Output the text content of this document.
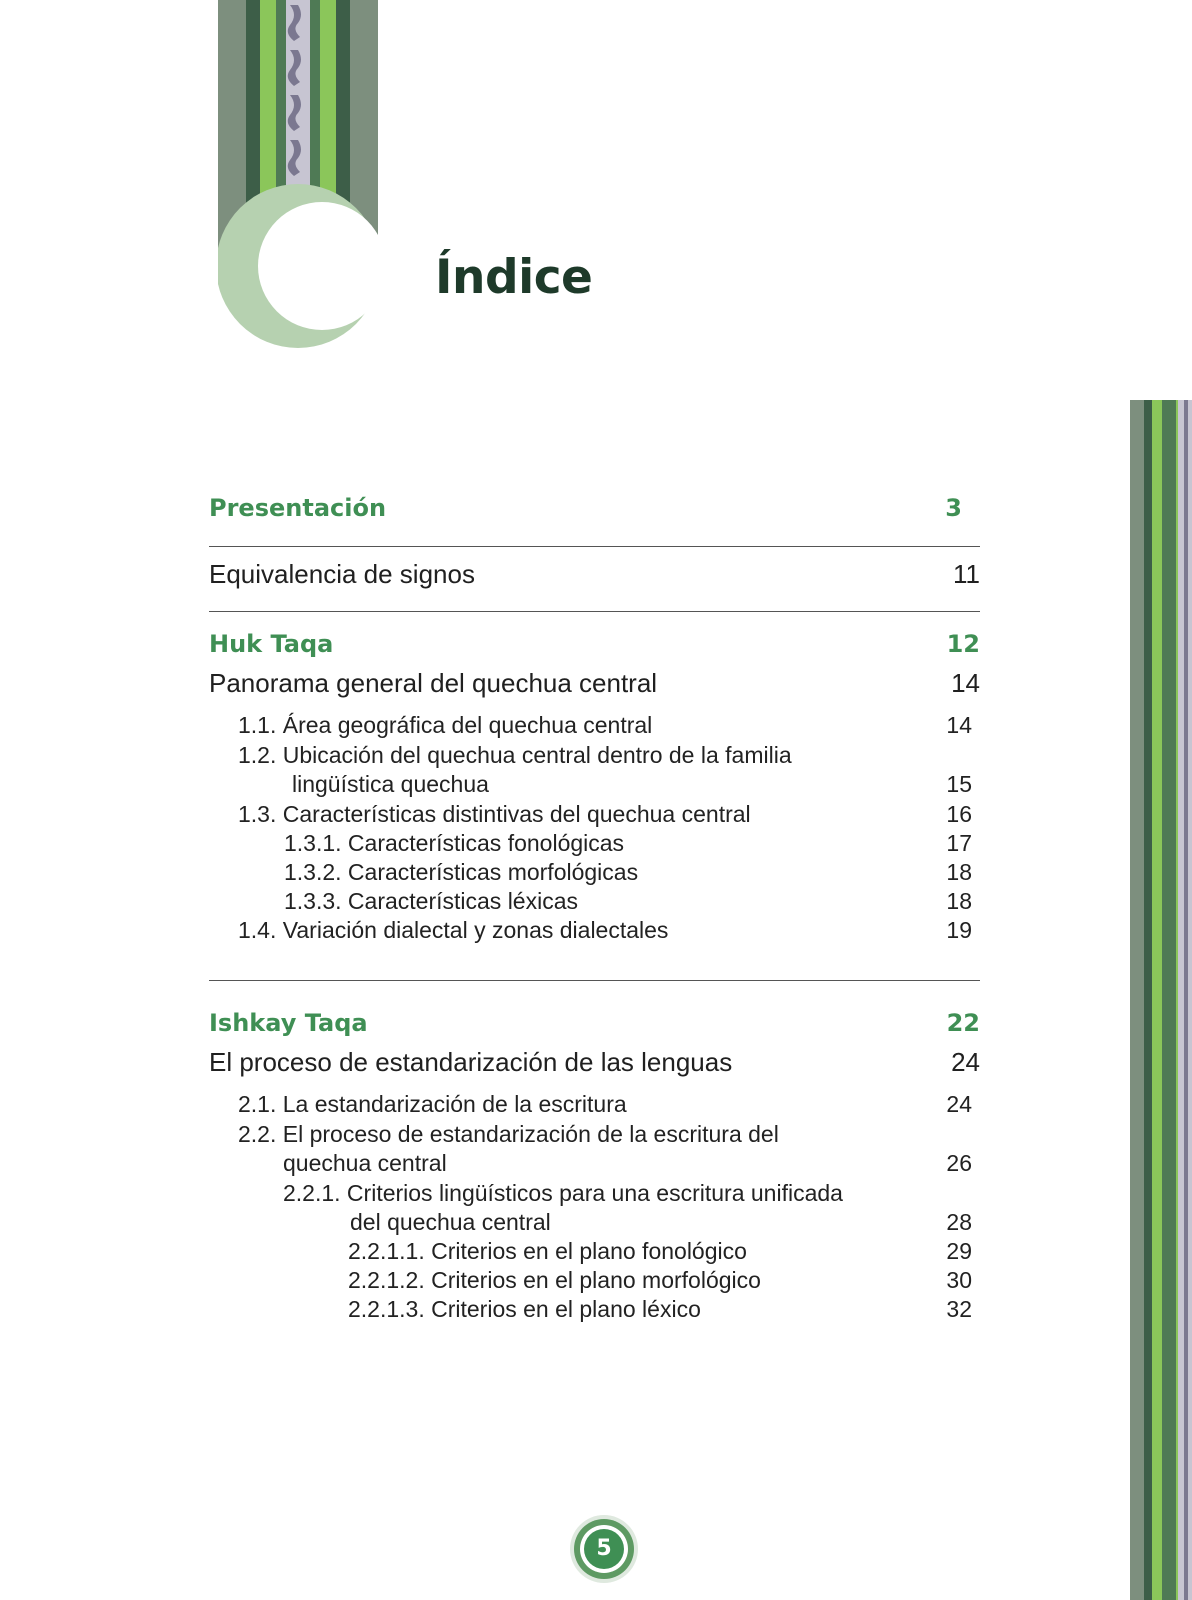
Índice
Presentación	3
Equivalencia de signos	11
Huk Taqa	12
Panorama general del quechua central	14
1.1. Área geográfica del quechua central	14
1.2. Ubicación del quechua central dentro de la familia
lingüística quechua	15
1.3. Características distintivas del quechua central	16
1.3.1. Características fonológicas	17
1.3.2. Características morfológicas	18
1.3.3. Características léxicas	18
1.4. Variación dialectal y zonas dialectales	19
Ishkay Taqa	22
El proceso de estandarización de las lenguas	24
2.1. La estandarización de la escritura	24
2.2. El proceso de estandarización de la escritura del
quechua central	26
2.2.1. Criterios lingüísticos para una escritura unificada
del quechua central	28
2.2.1.1. Criterios en el plano fonológico	29
2.2.1.2. Criterios en el plano morfológico	30
2.2.1.3. Criterios en el plano léxico	32
5
